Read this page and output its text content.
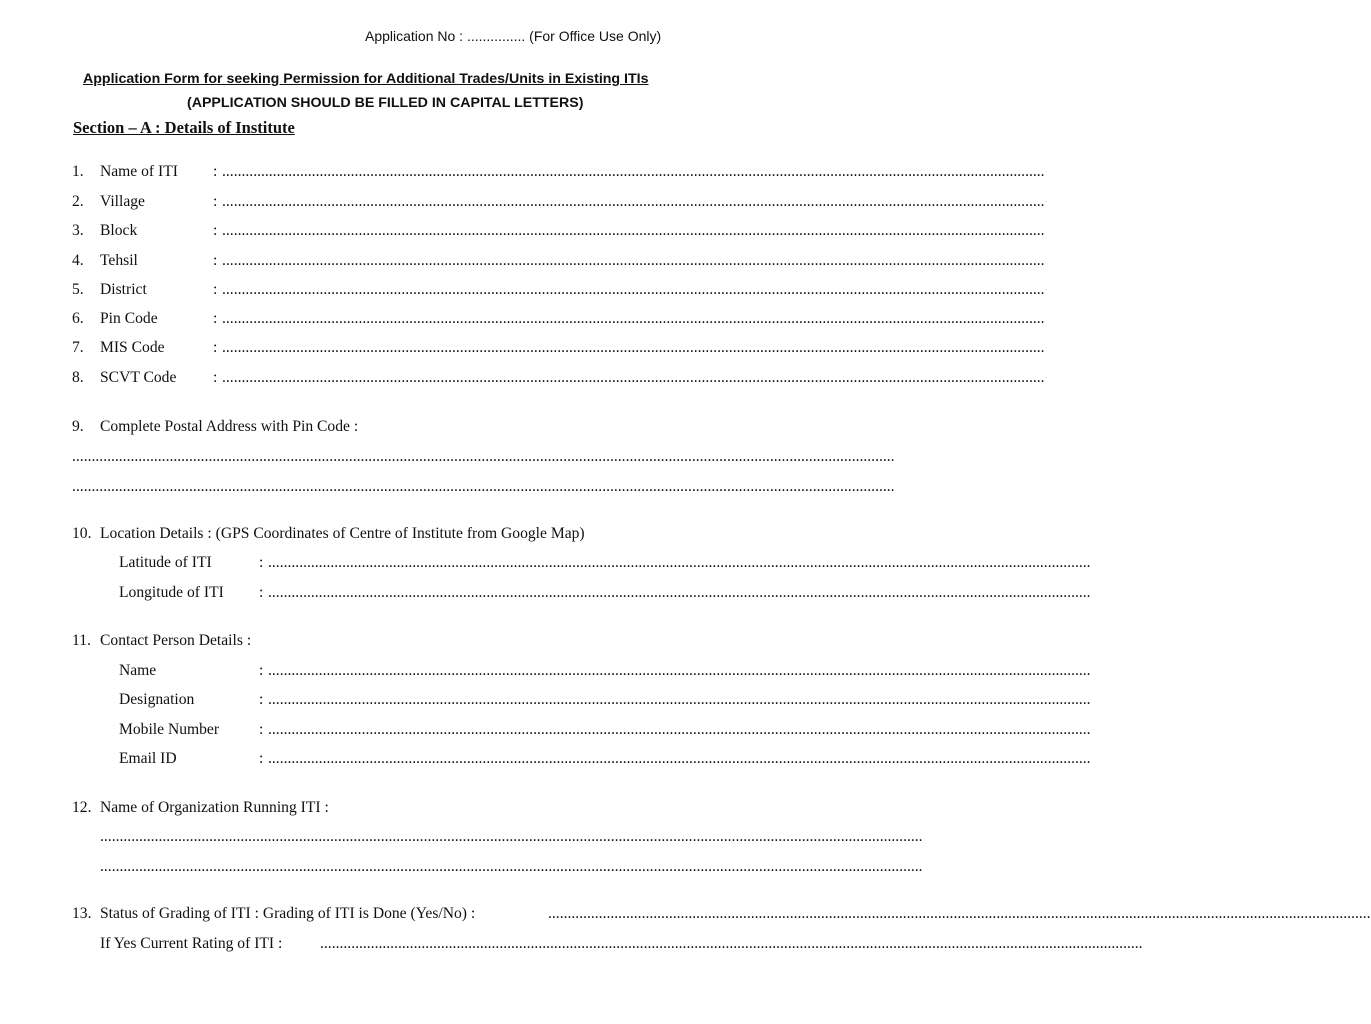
Application No : ............... (For Office Use Only)
Application Form for seeking Permission for Additional Trades/Units in Existing ITIs
(APPLICATION SHOULD BE FILLED IN CAPITAL LETTERS)
Section – A : Details of Institute
1. Name of ITI : ...................................................................................................................................................................................................................
2. Village	: ...................................................................................................................................................................................................................
3. Block	: ...................................................................................................................................................................................................................
4. Tehsil	: ...................................................................................................................................................................................................................
5. District	: ...................................................................................................................................................................................................................
6. Pin Code	: ...................................................................................................................................................................................................................
7. MIS Code	: ...................................................................................................................................................................................................................
8. SCVT Code : ...................................................................................................................................................................................................................
9. Complete Postal Address with Pin Code :
...................................................................................................................................................................................................................
...................................................................................................................................................................................................................
10. Location Details : (GPS Coordinates of Centre of Institute from Google Map)
Latitude of ITI	: ...................................................................................................................................................................................................................
Longitude of ITI : ...................................................................................................................................................................................................................
11. Contact Person Details :
Name	: ...................................................................................................................................................................................................................
Designation	: ...................................................................................................................................................................................................................
Mobile Number	: ...................................................................................................................................................................................................................
Email ID	: ...................................................................................................................................................................................................................
12. Name of Organization Running ITI :
...................................................................................................................................................................................................................
...................................................................................................................................................................................................................
13. Status of Grading of ITI : Grading of ITI is Done (Yes/No) :	...................................................................................................................................................................................................................
If Yes Current Rating of ITI : ...................................................................................................................................................................................................................
